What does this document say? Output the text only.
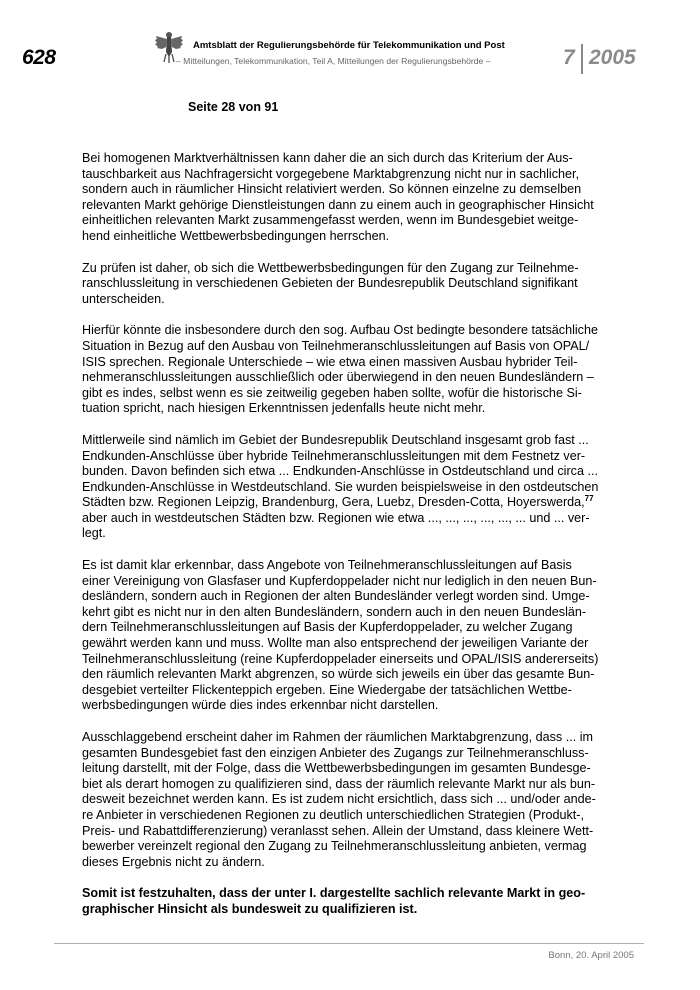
628
Amtsblatt der Regulierungsbehörde für Telekommunikation und Post
– Mitteilungen, Telekommunikation, Teil A, Mitteilungen der Regulierungsbehörde –	7 2005
Seite 28 von 91

Bei homogenen Marktverhältnissen kann daher die an sich durch das Kriterium der Aus-
tauschbarkeit aus Nachfragersicht vorgegebene Marktabgrenzung nicht nur in sachlicher,
sondern auch in räumlicher Hinsicht relativiert werden. So können einzelne zu demselben
relevanten Markt gehörige Dienstleistungen dann zu einem auch in geographischer Hinsicht
einheitlichen relevanten Markt zusammengefasst werden, wenn im Bundesgebiet weitge-
hend einheitliche Wettbewerbsbedingungen herrschen.

Zu prüfen ist daher, ob sich die Wettbewerbsbedingungen für den Zugang zur Teilnehme-
ranschlussleitung in verschiedenen Gebieten der Bundesrepublik Deutschland signifikant
unterscheiden.

Hierfür könnte die insbesondere durch den sog. Aufbau Ost bedingte besondere tatsächliche
Situation in Bezug auf den Ausbau von Teilnehmeranschlussleitungen auf Basis von OPAL/
ISIS sprechen. Regionale Unterschiede – wie etwa einen massiven Ausbau hybrider Teil-
nehmeranschlussleitungen ausschließlich oder überwiegend in den neuen Bundesländern –
gibt es indes, selbst wenn es sie zeitweilig gegeben haben sollte, wofür die historische Si-
tuation spricht, nach hiesigen Erkenntnissen jedenfalls heute nicht mehr.

Mittlerweile sind nämlich im Gebiet der Bundesrepublik Deutschland insgesamt grob fast ...
Endkunden-Anschlüsse über hybride Teilnehmeranschlussleitungen mit dem Festnetz ver-
bunden. Davon befinden sich etwa ... Endkunden-Anschlüsse in Ostdeutschland und circa ...
Endkunden-Anschlüsse in Westdeutschland. Sie wurden beispielsweise in den ostdeutschen
Städten bzw. Regionen Leipzig, Brandenburg, Gera, Luebz, Dresden-Cotta, Hoyerswerda,$^{77}$
aber auch in westdeutschen Städten bzw. Regionen wie etwa ..., ..., ..., ..., ..., ... und ... ver-
legt.

Es ist damit klar erkennbar, dass Angebote von Teilnehmeranschlussleitungen auf Basis
einer Vereinigung von Glasfaser und Kupferdoppelader nicht nur lediglich in den neuen Bun-
desländern, sondern auch in Regionen der alten Bundesländer verlegt worden sind. Umge-
kehrt gibt es nicht nur in den alten Bundesländern, sondern auch in den neuen Bundeslän-
dern Teilnehmeranschlussleitungen auf Basis der Kupferdoppelader, zu welcher Zugang
gewährt werden kann und muss. Wollte man also entsprechend der jeweiligen Variante der
Teilnehmeranschlussleitung (reine Kupferdoppelader einerseits und OPAL/ISIS andererseits)
den räumlich relevanten Markt abgrenzen, so würde sich jeweils ein über das gesamte Bun-
desgebiet verteilter Flickenteppich ergeben. Eine Wiedergabe der tatsächlichen Wettbe-
werbsbedingungen würde dies indes erkennbar nicht darstellen.

Ausschlaggebend erscheint daher im Rahmen der räumlichen Marktabgrenzung, dass ... im
gesamten Bundesgebiet fast den einzigen Anbieter des Zugangs zur Teilnehmeranschluss-
leitung darstellt, mit der Folge, dass die Wettbewerbsbedingungen im gesamten Bundesge-
biet als derart homogen zu qualifizieren sind, dass der räumlich relevante Markt nur als bun-
desweit bezeichnet werden kann. Es ist zudem nicht ersichtlich, dass sich ... und/oder ande-
re Anbieter in verschiedenen Regionen zu deutlich unterschiedlichen Strategien (Produkt-,
Preis- und Rabattdifferenzierung) veranlasst sehen. Allein der Umstand, dass kleinere Wett-
bewerber vereinzelt regional den Zugang zu Teilnehmeranschlussleitung anbieten, vermag
dieses Ergebnis nicht zu ändern.

Somit ist festzuhalten, dass der unter I. dargestellte sachlich relevante Markt in geo-
graphischer Hinsicht als bundesweit zu qualifizieren ist.

Bonn, 20. April 2005
